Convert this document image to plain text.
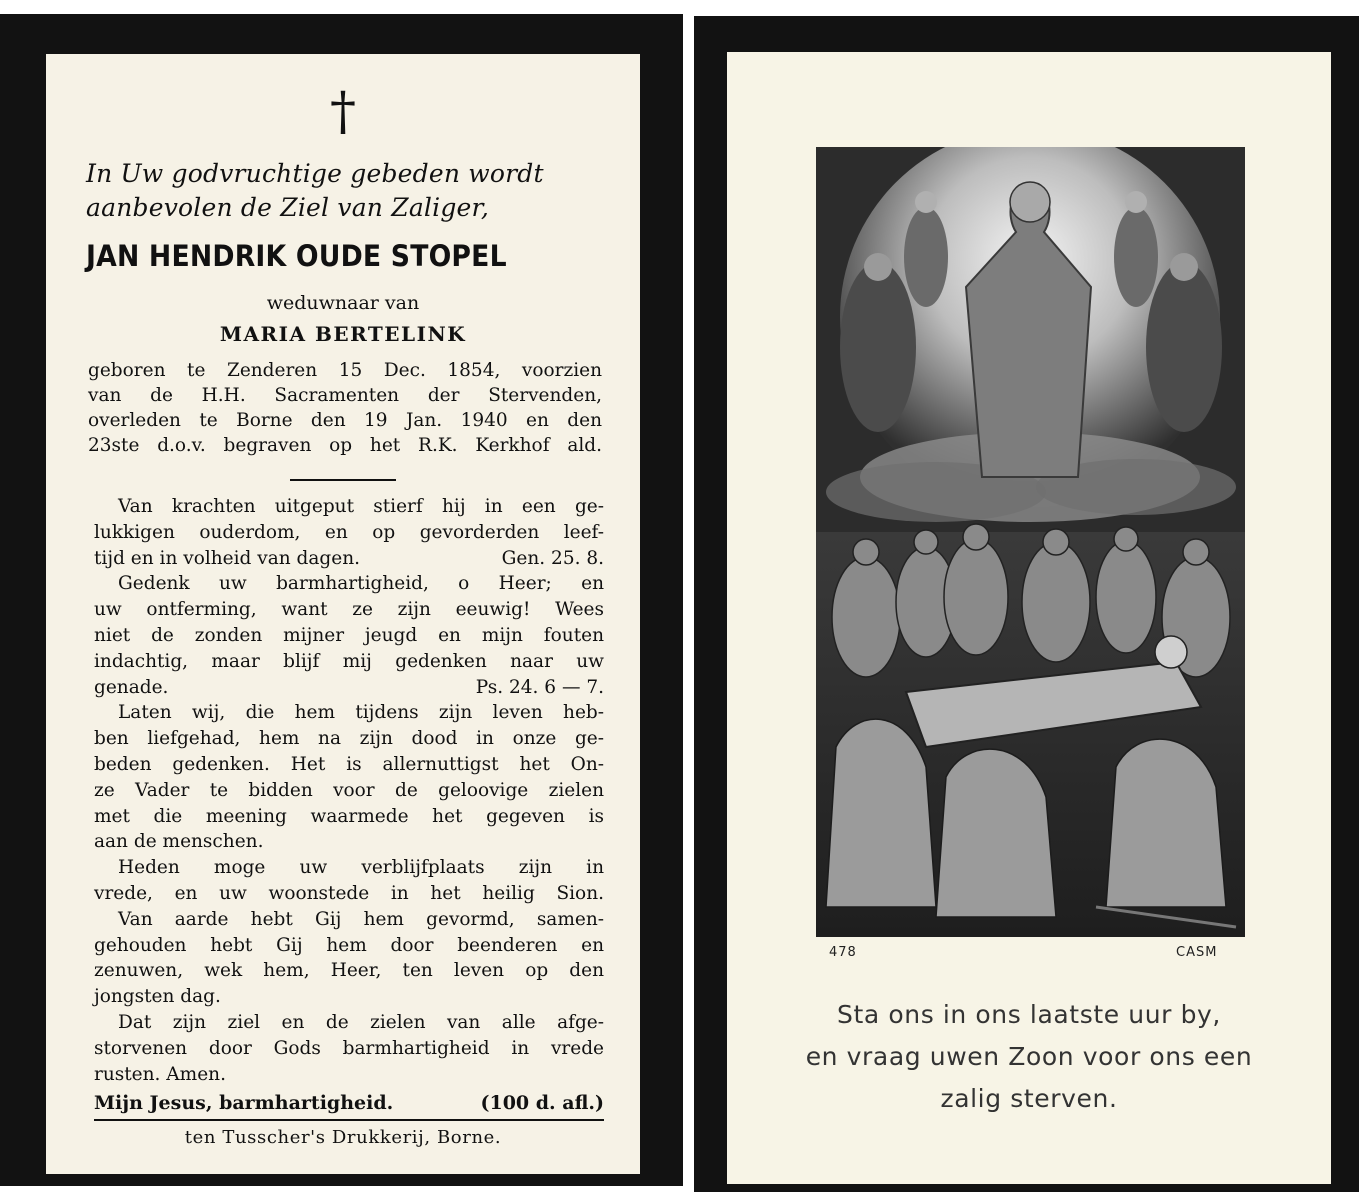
†
In Uw godvruchtige gebeden wordt
aanbevolen de Ziel van Zaliger,
JAN HENDRIK OUDE STOPEL
weduwnaar van
MARIA BERTELINK
geboren te Zenderen 15 Dec. 1854, voorzien
van de H.H. Sacramenten der Stervenden,
overleden te Borne den 19 Jan. 1940 en den
23ste d.o.v. begraven op het R.K. Kerkhof ald.
Van krachten uitgeput stierf hij in een ge-
lukkigen ouderdom, en op gevorderden leef-
tijd en in volheid van dagen.	Gen. 25. 8.
Gedenk uw barmhartigheid, o Heer; en
uw ontferming, want ze zijn eeuwig! Wees
niet de zonden mijner jeugd en mijn fouten
indachtig, maar blijf mij gedenken naar uw
genade.	Ps. 24. 6 — 7.
Laten wij, die hem tijdens zijn leven heb-
ben liefgehad, hem na zijn dood in onze ge-
beden gedenken. Het is allernuttigst het On-
ze Vader te bidden voor de geloovige zielen
met die meening waarmede het gegeven is
aan de menschen.
Heden moge uw verblijfplaats zijn in
vrede, en uw woonstede in het heilig Sion.
Van aarde hebt Gij hem gevormd, samen-
gehouden hebt Gij hem door beenderen en
zenuwen, wek hem, Heer, ten leven op den
jongsten dag.
Dat zijn ziel en de zielen van alle afge-
storvenen door Gods barmhartigheid in vrede
rusten. Amen.
Mijn Jesus, barmhartigheid.	(100 d. afl.)
ten Tusscher's Drukkerij, Borne.
478	CASM
Sta ons in ons laatste uur by,
en vraag uwen Zoon voor ons een
zalig sterven.
